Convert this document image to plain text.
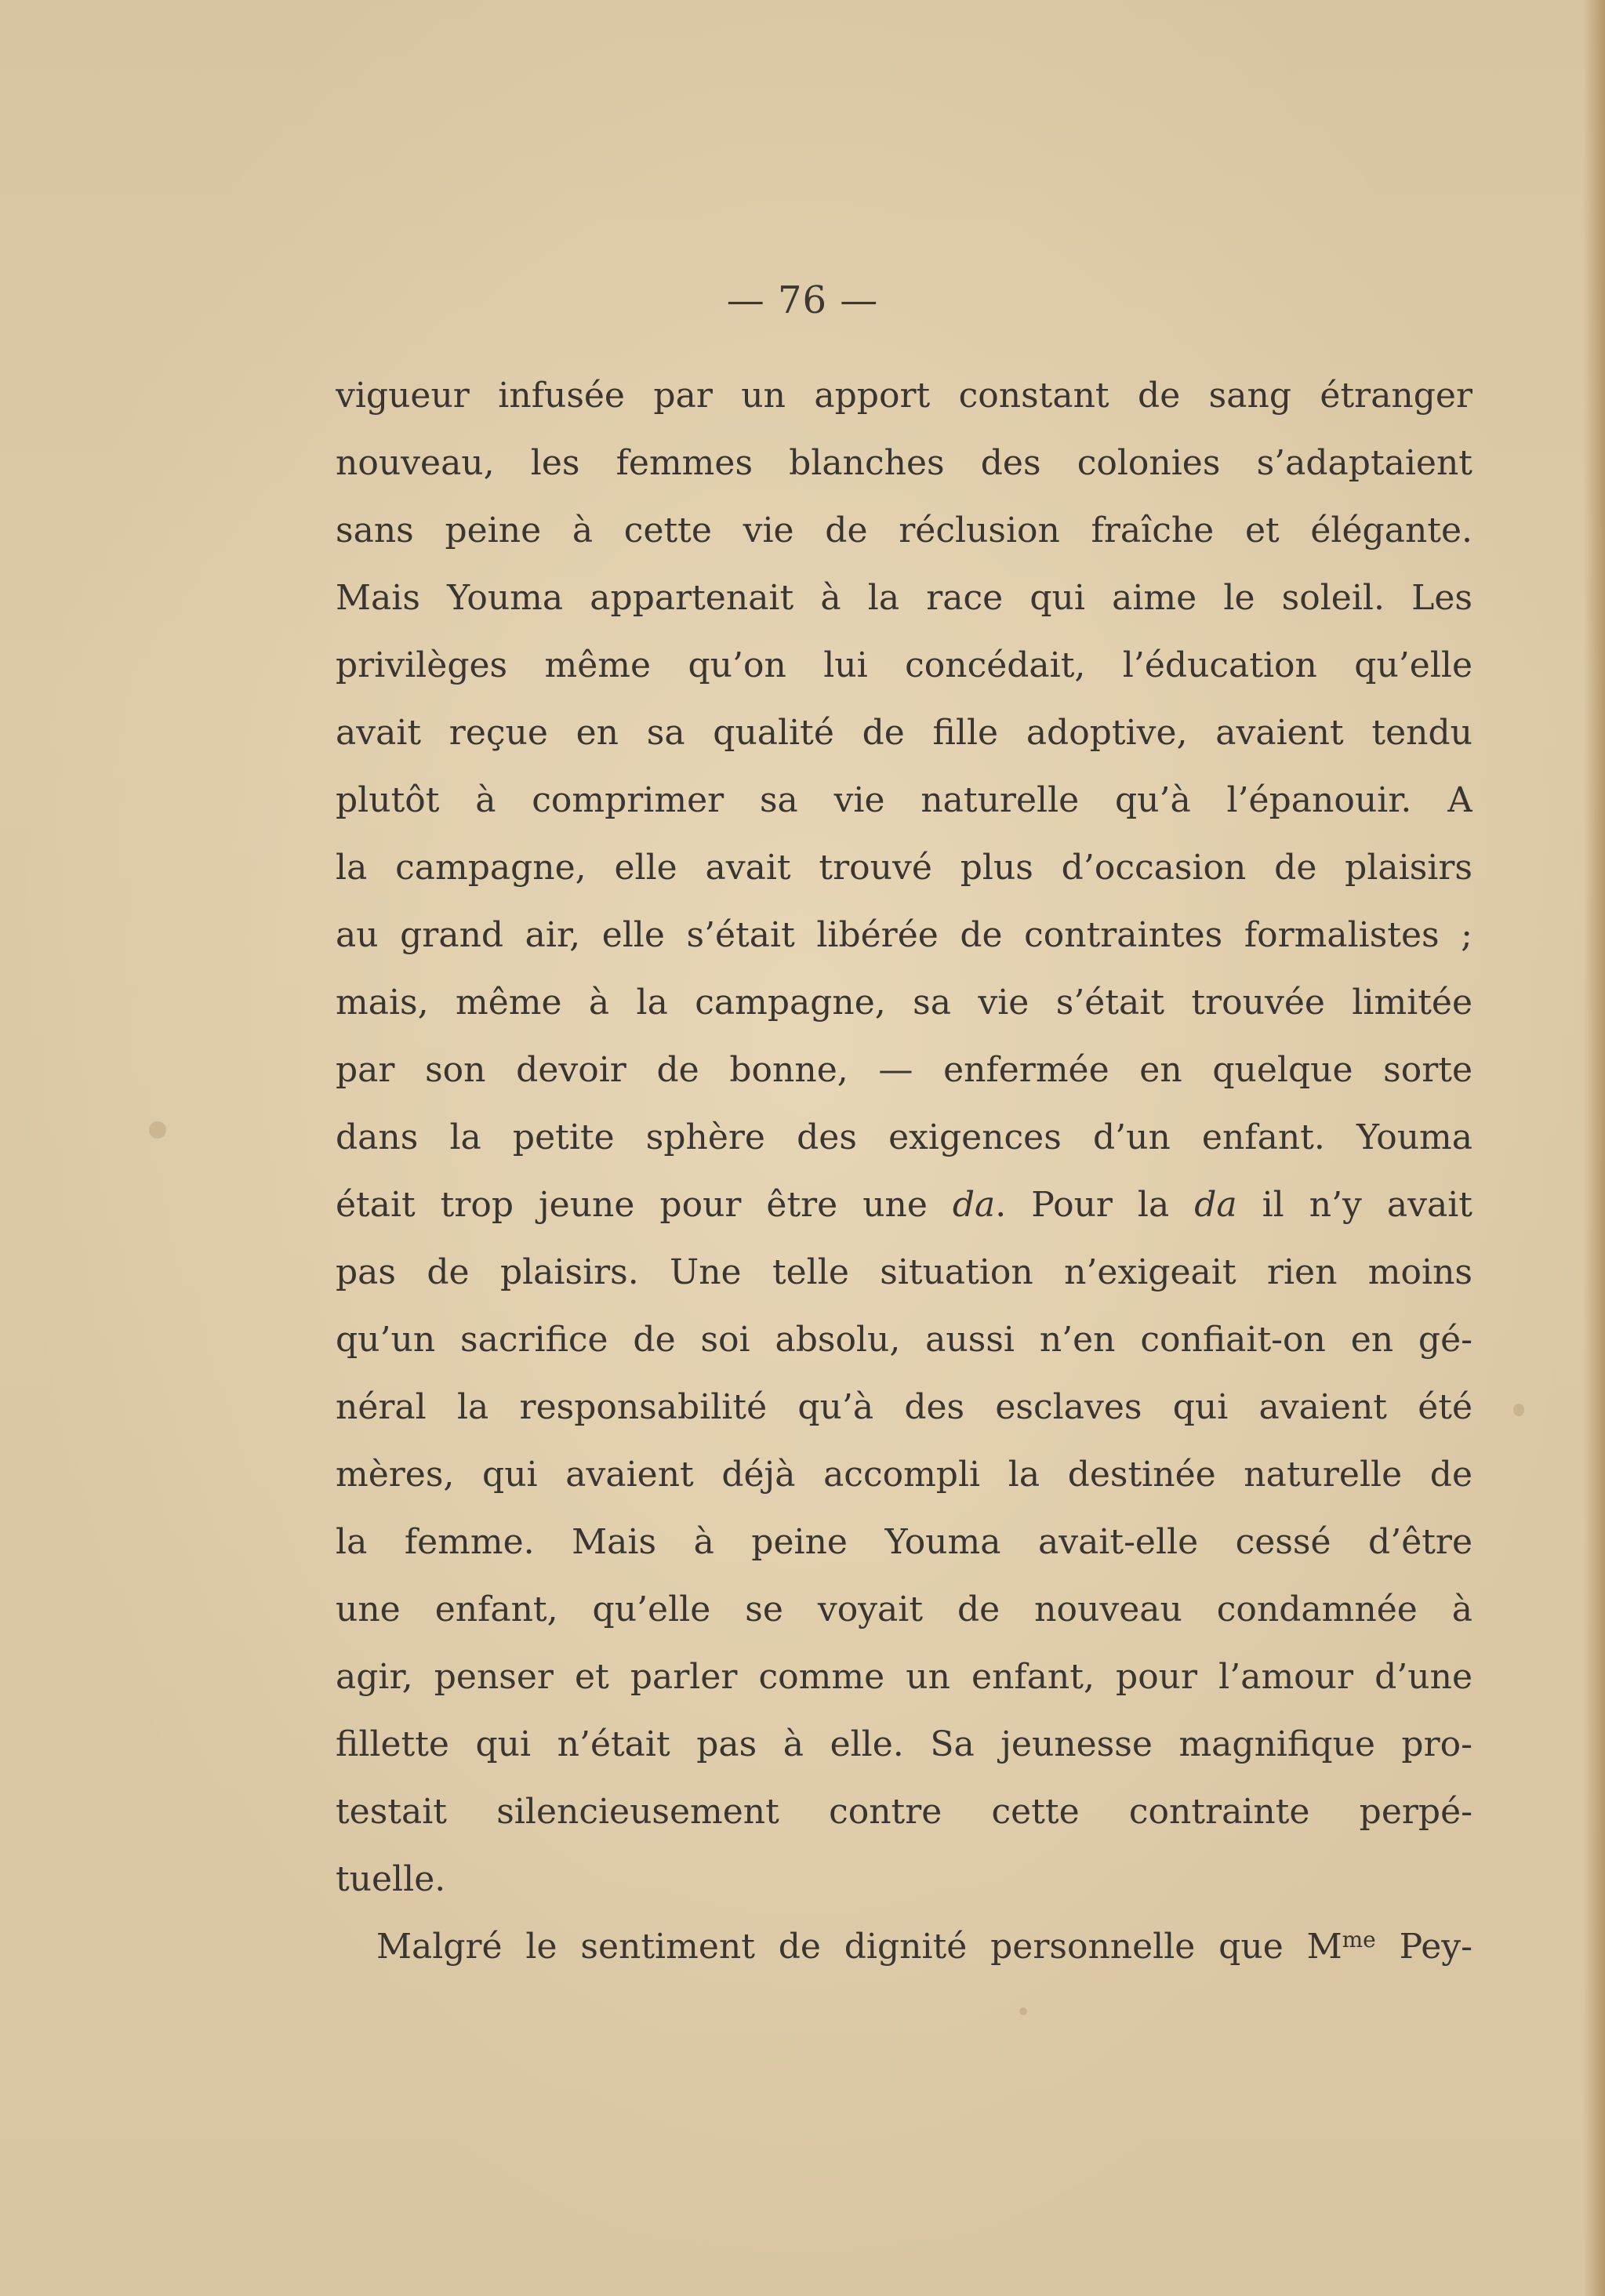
— 76 —
vigueur infusée par un apport constant de sang étranger
nouveau, les femmes blanches des colonies s’adaptaient
sans peine à cette vie de réclusion fraîche et élégante.
Mais Youma appartenait à la race qui aime le soleil. Les
privilèges même qu’on lui concédait, l’éducation qu’elle
avait reçue en sa qualité de fille adoptive, avaient tendu
plutôt à comprimer sa vie naturelle qu’à l’épanouir. A
la campagne, elle avait trouvé plus d’occasion de plaisirs
au grand air, elle s’était libérée de contraintes formalistes ;
mais, même à la campagne, sa vie s’était trouvée limitée
par son devoir de bonne, — enfermée en quelque sorte
dans la petite sphère des exigences d’un enfant. Youma
était trop jeune pour être une da. Pour la da il n’y avait
pas de plaisirs. Une telle situation n’exigeait rien moins
qu’un sacrifice de soi absolu, aussi n’en confiait-on en gé-
néral la responsabilité qu’à des esclaves qui avaient été
mères, qui avaient déjà accompli la destinée naturelle de
la femme. Mais à peine Youma avait-elle cessé d’être
une enfant, qu’elle se voyait de nouveau condamnée à
agir, penser et parler comme un enfant, pour l’amour d’une
fillette qui n’était pas à elle. Sa jeunesse magnifique pro-
testait silencieusement contre cette contrainte perpé-
tuelle.
Malgré le sentiment de dignité personnelle que $M^{me}$ Pey-
